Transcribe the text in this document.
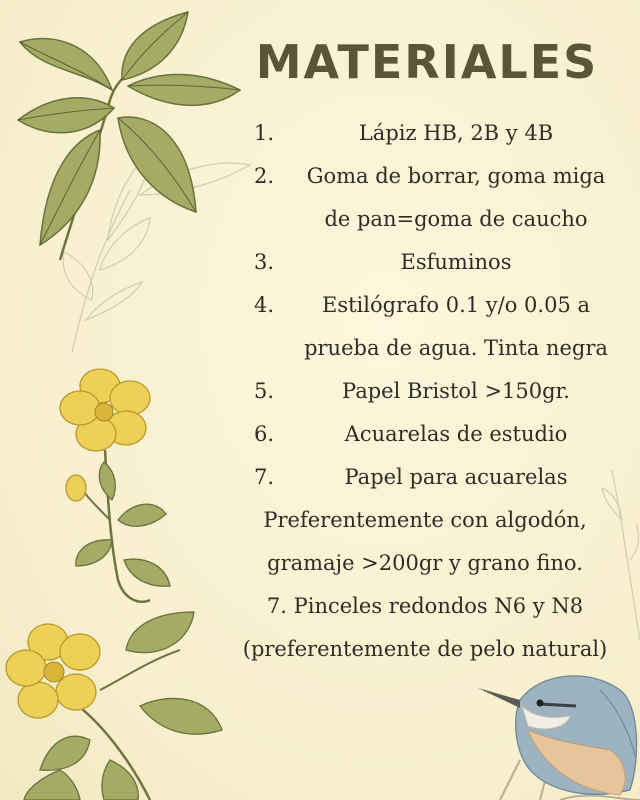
MATERIALES
1.	Lápiz HB, 2B y 4B
2.	Goma de borrar, goma miga
de pan=goma de caucho
3.	Esfuminos
4.	Estilógrafo 0.1 y/o 0.05 a
prueba de agua. Tinta negra
5.	Papel Bristol >150gr.
6.	Acuarelas de estudio
7.	Papel para acuarelas
Preferentemente con algodón,
gramaje >200gr y grano fino.
7. Pinceles redondos N6 y N8
(preferentemente de pelo natural)
